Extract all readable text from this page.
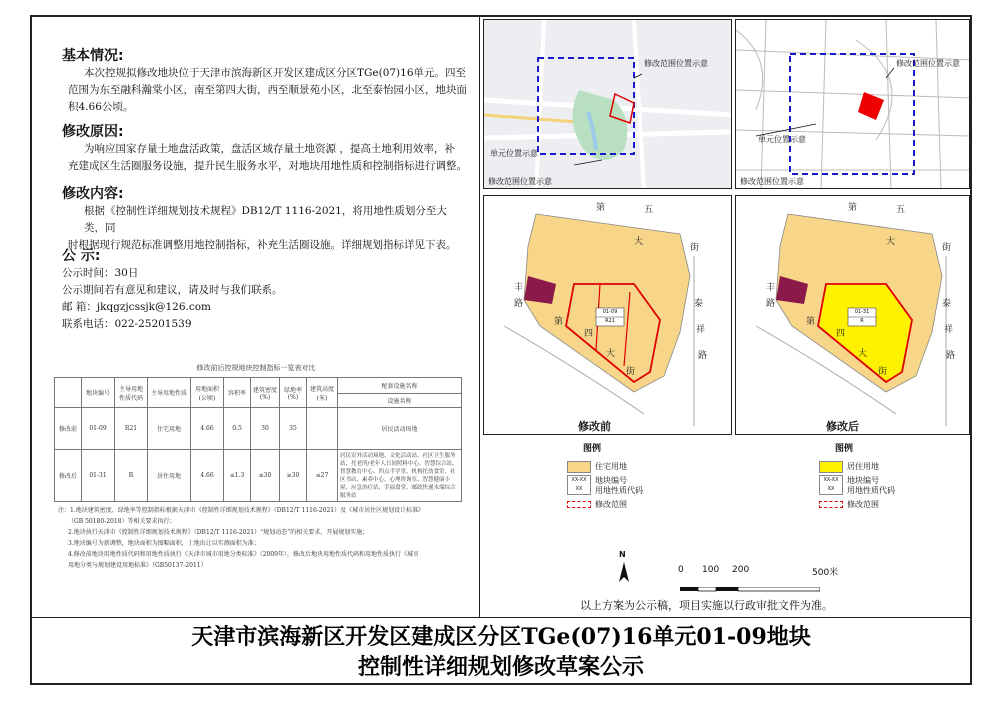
基本情况:

本次控规拟修改地块位于天津市滨海新区开发区建成区分区TGe(07)16单元。四至
范围为东至融科瀚棠小区，南至第四大街，西至顺景苑小区，北至泰怡园小区，地块面
积4.66公顷。

修改原因:

为响应国家存量土地盘活政策，盘活区域存量土地资源 ，提高土地利用效率，补
充建成区生活圈服务设施，提升民生服务水平，对地块用地性质和控制指标进行调整。

修改内容:

根据《控制性详细规划技术规程》DB12/T 1116-2021，将用地性质划分至大类，同
时根据现行规范标准调整用地控制指标，补充生活圈设施。详细规划指标详见下表。

公 示:

公示时间：30日
公示期间若有意见和建议，请及时与我们联系。
邮 箱：jkqgzjcssjk@126.com
联系电话：022-25201539
修改前后控规地块控制指标一览表对比
	地块编号	主导用地性质代码	主导用地性质	用地面积(公顷)	容积率	建筑密度(%)	绿地率(%)	建筑高度(米)	配套设施名称
									设施名称
修改前	01-09	R21	住宅用地	4.66	0.5	30	35		居民活动场地
修改后	01-31	R	居住用地	4.66	≤1.3	≤30	≥30	≤27	居民室外活动场地、文化活动站、社区卫生服务站、托老所/老年人日间照料中心、智慧综合站、智慧教育中心、四点半学堂、机构托幼食堂、社区书店、素养中心、心理咨询室、智慧健康小屋、应急治疗站、幸福食堂、邮政快递末端综合服务站
注：1.地块建筑密度、绿地率等控制指标根据天津市《控制性详细规划技术规程》（DB12/T 1116-2021）及《城市居住区规划设计标准》
（GB 50180-2018）等相关要求执行；
2.地块执行天津市《控制性详细规划技术规程》（DB12/T 1116-2021）“规划动态”的相关要求，开展规划实施；
3.地块编号为新调整，地块面积为图幅面积，土地出让以实测面积为准；
4.修改前地块用地性质代码和用地性质执行《天津市城市用地分类标准》（2009年），修改后地块用地性质代码和用地性质执行《城市
用地分类与规划建设用地标准》（GB50137-2011）
修改范围位置示意
单元位置示意
修改范围位置示意
修改范围位置示意
单元位置示意
修改范围位置示意
第	五
大
街
丰
路	泰
祥
路
第
四
大
街
01-09
R21
修改前
第	五
大
街
丰
路	泰
祥
路
第
四
大
街
01-31
R
修改后
图例
住宅用地
XX-XX
XX
地块编号
用地性质代码
修改范围
图例
居住用地
XX-XX
XX
地块编号
用地性质代码
修改范围
N
0 100 200	500米
以上方案为公示稿，项目实施以行政审批文件为准。
天津市滨海新区开发区建成区分区TGe(07)16单元01-09地块
控制性详细规划修改草案公示
